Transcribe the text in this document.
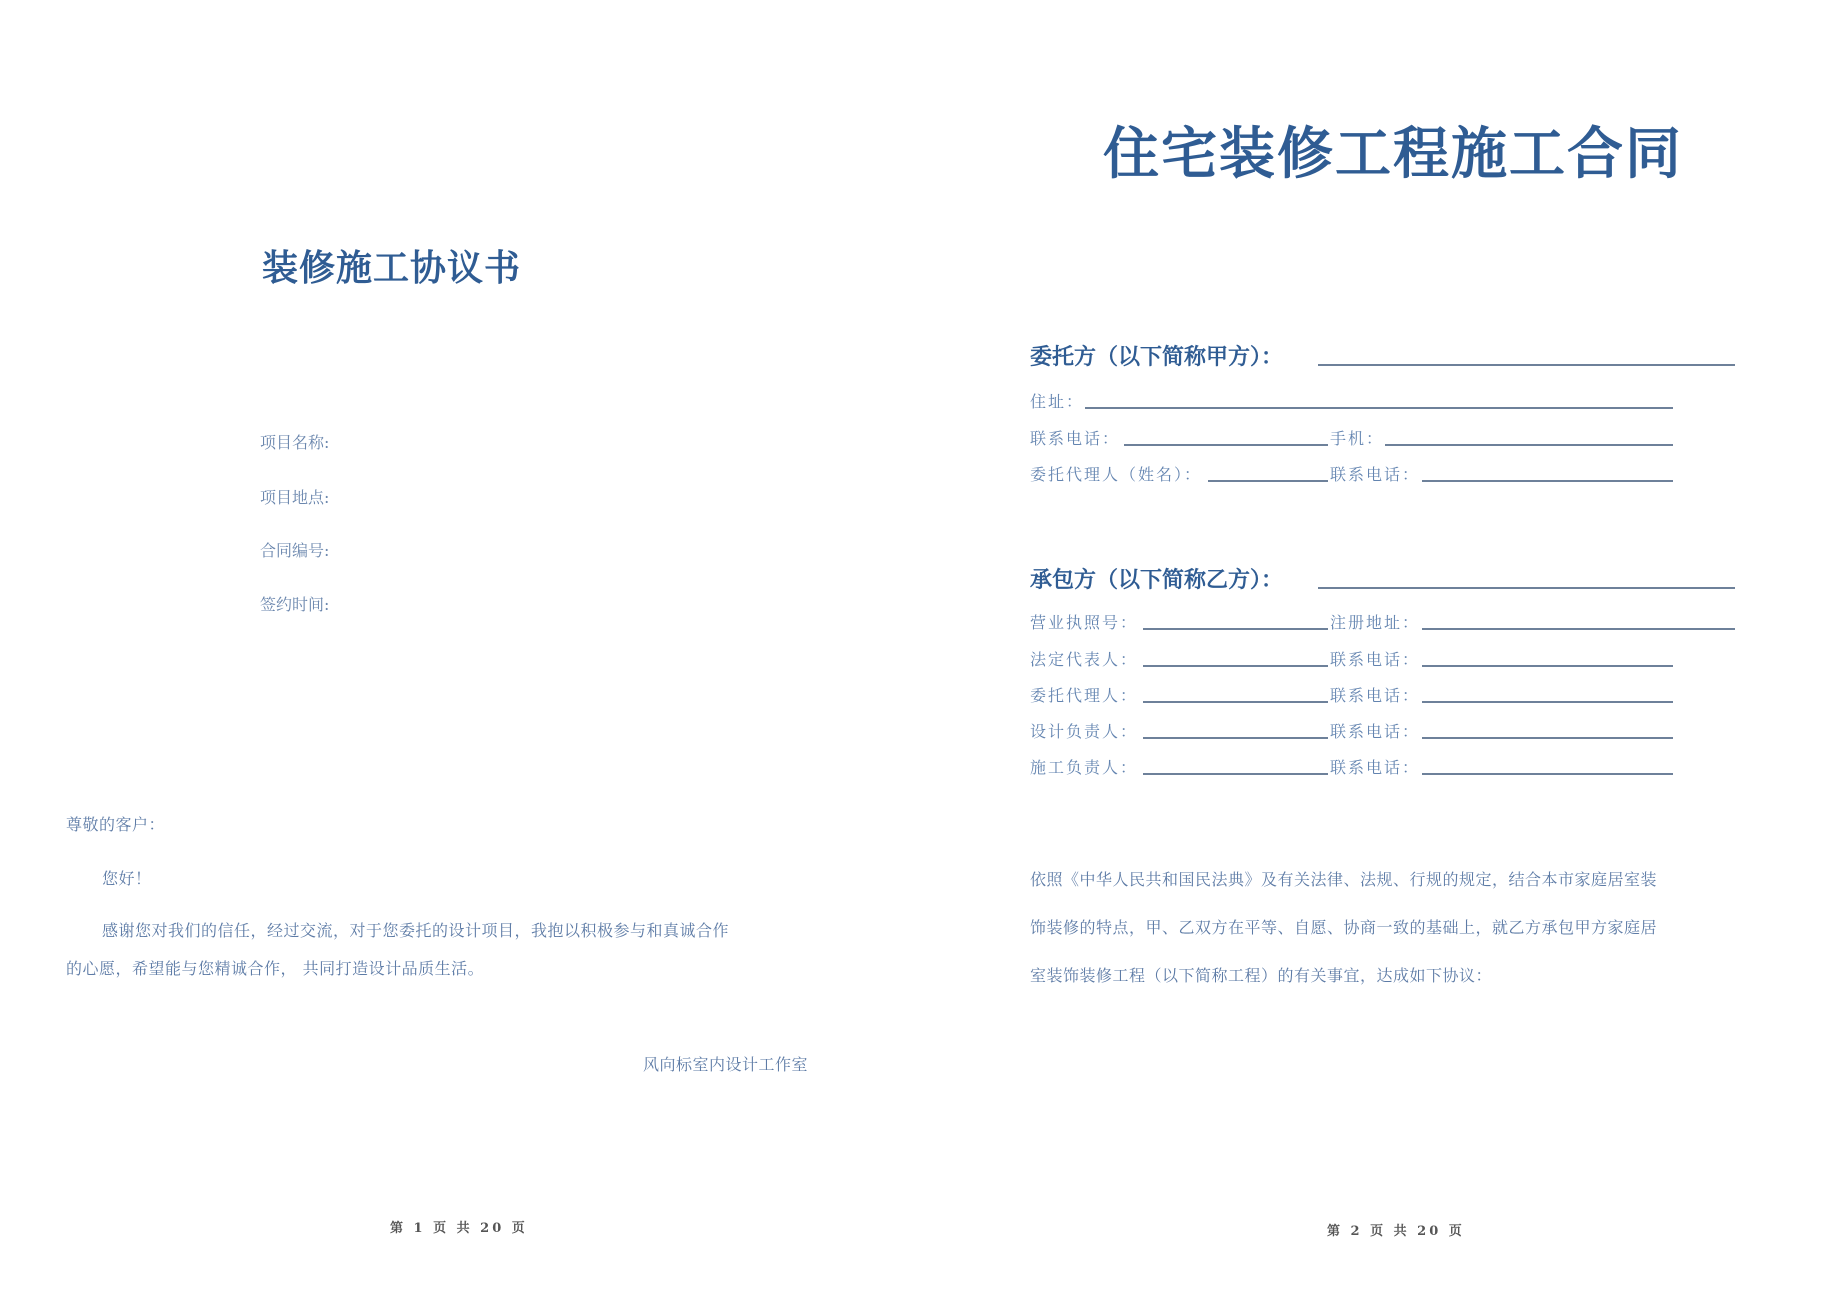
装修施工协议书
项目名称:
项目地点:
合同编号:
签约时间:
尊敬的客户：
您好！
感谢您对我们的信任，经过交流，对于您委托的设计项目，我抱以积极参与和真诚合作
的心愿，希望能与您精诚合作， 共同打造设计品质生活。
风向标室内设计工作室
第 1 页 共 20 页
住宅装修工程施工合同
委托方（以下简称甲方）：
住址：
联系电话：	手机：
委托代理人（姓名）：	联系电话：
承包方（以下简称乙方）：
营业执照号：	注册地址：
法定代表人：	联系电话：
委托代理人：	联系电话：
设计负责人：	联系电话：
施工负责人：	联系电话：
依照《中华人民共和国民法典》及有关法律、法规、行规的规定，结合本市家庭居室装
饰装修的特点，甲、乙双方在平等、自愿、协商一致的基础上，就乙方承包甲方家庭居
室装饰装修工程（以下简称工程）的有关事宜，达成如下协议：
第 2 页 共 20 页
